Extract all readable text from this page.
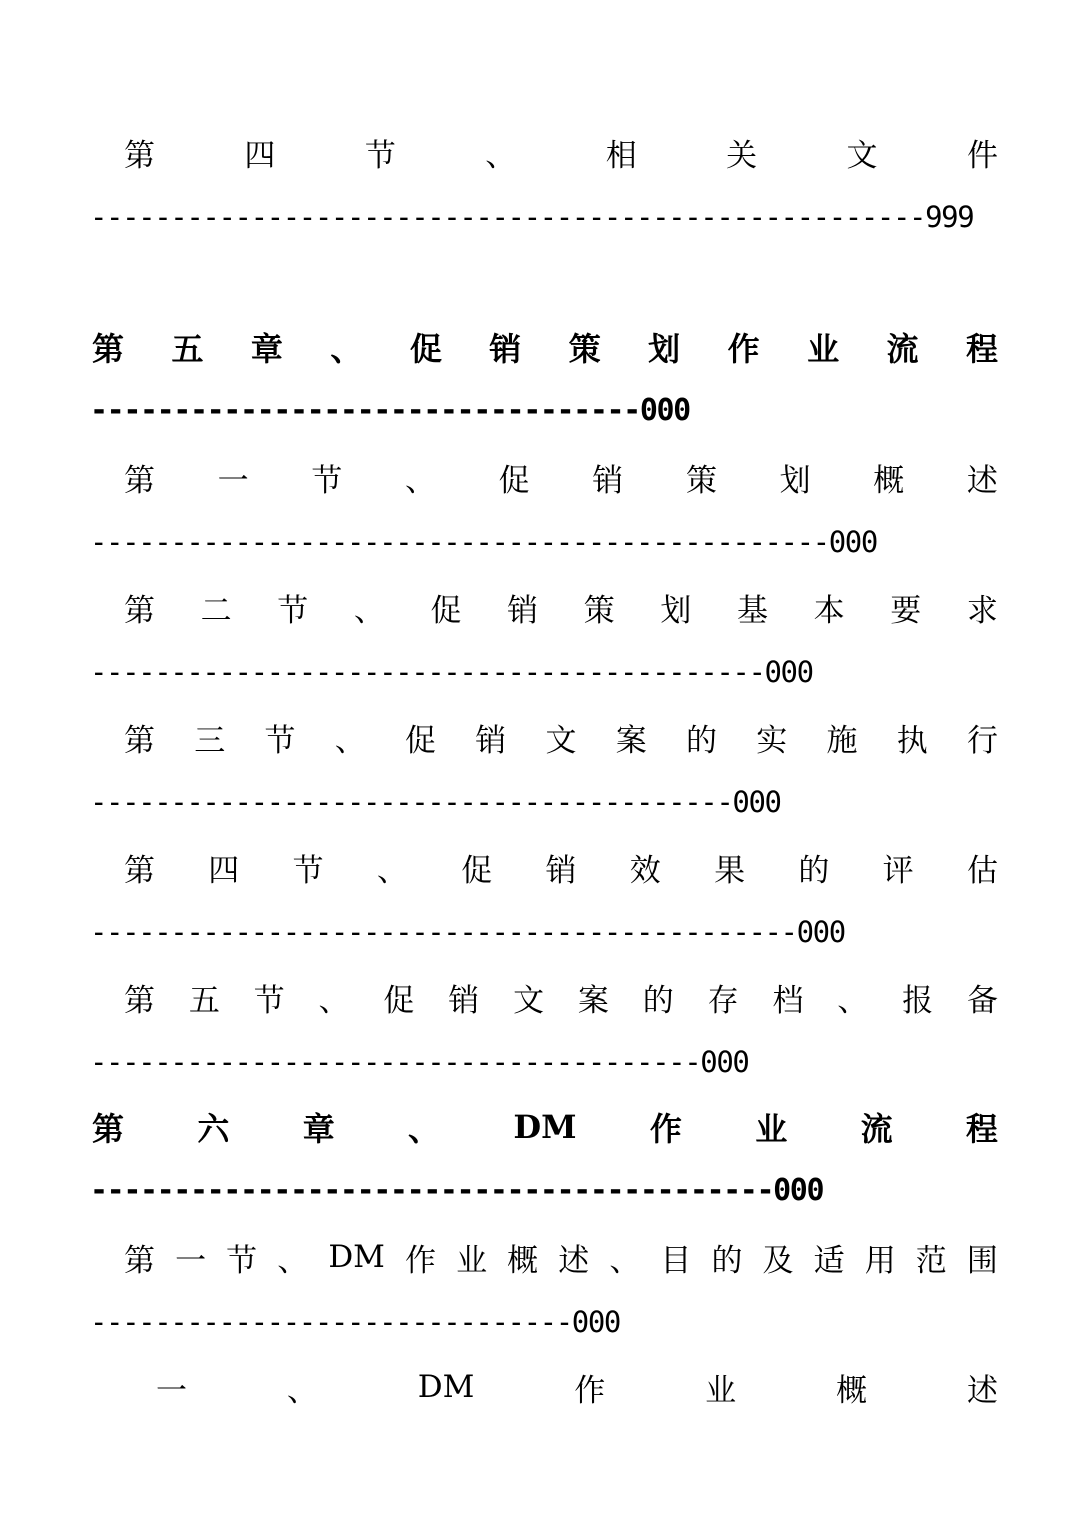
第	四	节	、	相	关	文	件
----------------------------------------------------999
第 五 章 、 促 销 策 划 作 业 流 程
---------------------------------000
第 一 节 、 促 销 策 划 概 述
----------------------------------------------000
第 二 节 、 促 销 策 划 基 本 要 求
------------------------------------------000
第 三 节 、 促 销 文 案 的 实 施 执 行
----------------------------------------000
第 四 节 、 促 销 效 果 的 评 估
--------------------------------------------000
第 五 节 、 促 销 文 案 的 存 档 、 报 备
--------------------------------------000
第 六 章 、 DM 作 业 流 程
-----------------------------------------000
第 一 节 、 DM 作 业 概 述 、 目 的 及 适 用 范 围
------------------------------000
一	、	DM	作	业	概	述
